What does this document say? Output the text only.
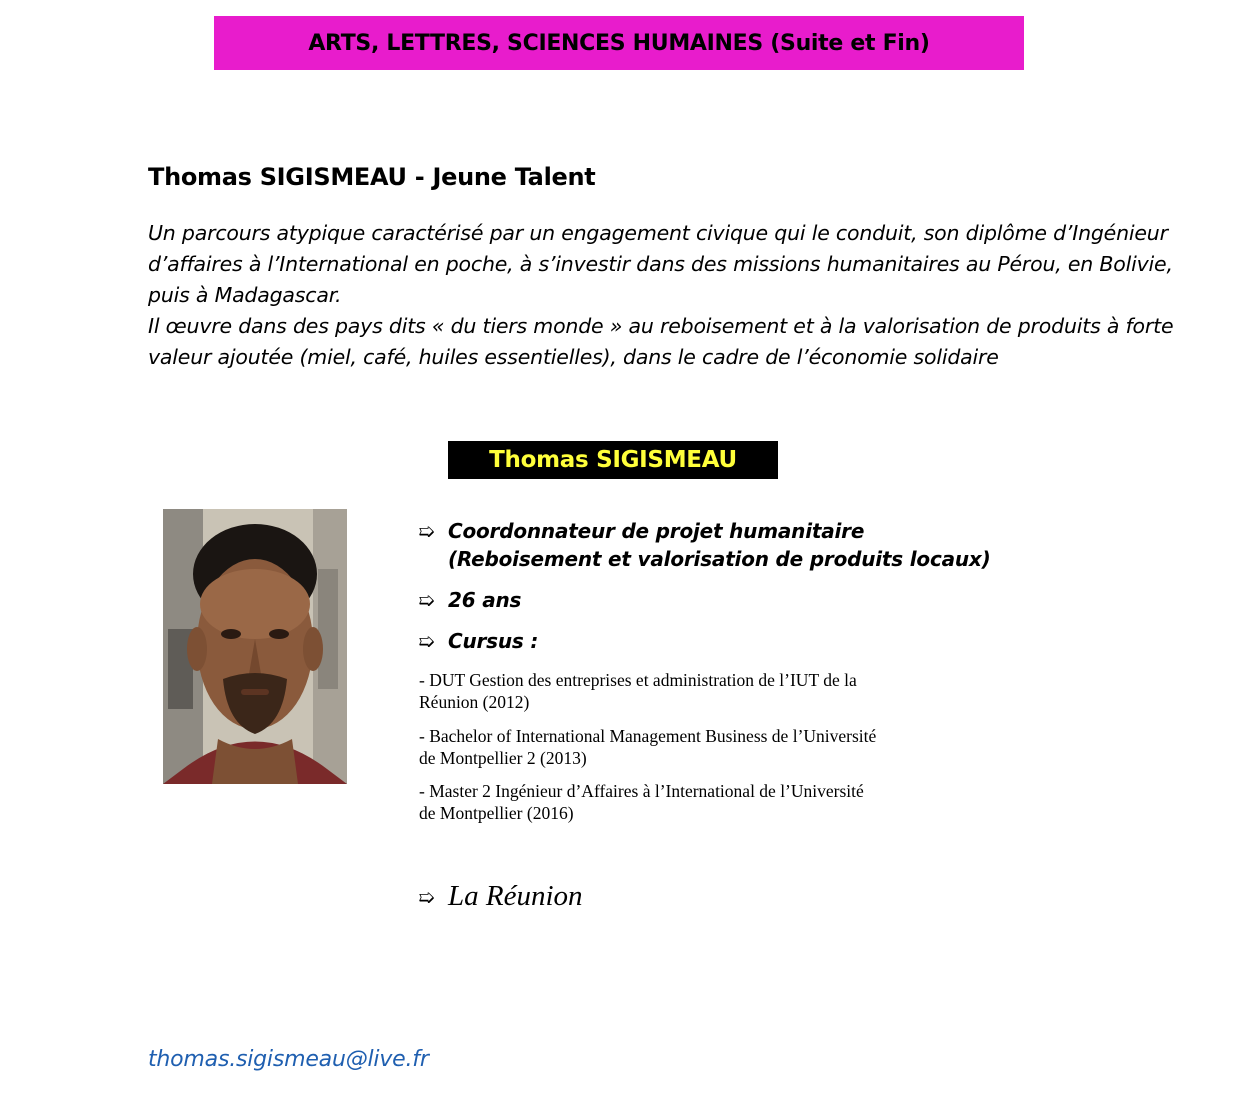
ARTS, LETTRES, SCIENCES HUMAINES (Suite et Fin)
Thomas SIGISMEAU - Jeune Talent

Un parcours atypique caractérisé par un engagement civique qui le conduit, son diplôme d’Ingénieur
d’affaires à l’International en poche, à s’investir dans des missions humanitaires au Pérou, en Bolivie,
puis à Madagascar.

Il œuvre dans des pays dits « du tiers monde » au reboisement et à la valorisation de produits à forte
valeur ajoutée (miel, café, huiles essentielles), dans le cadre de l’économie solidaire

Thomas SIGISMEAU
➯ Coordonnateur de projet humanitaire
(Reboisement et valorisation de produits locaux)
➯ 26 ans
➯ Cursus :
- DUT Gestion des entreprises et administration de l’IUT de la
Réunion (2012)
- Bachelor of International Management Business de l’Université
de Montpellier 2 (2013)
- Master 2 Ingénieur d’Affaires à l’International de l’Université
de Montpellier (2016)
➯ La Réunion
thomas.sigismeau@live.fr
